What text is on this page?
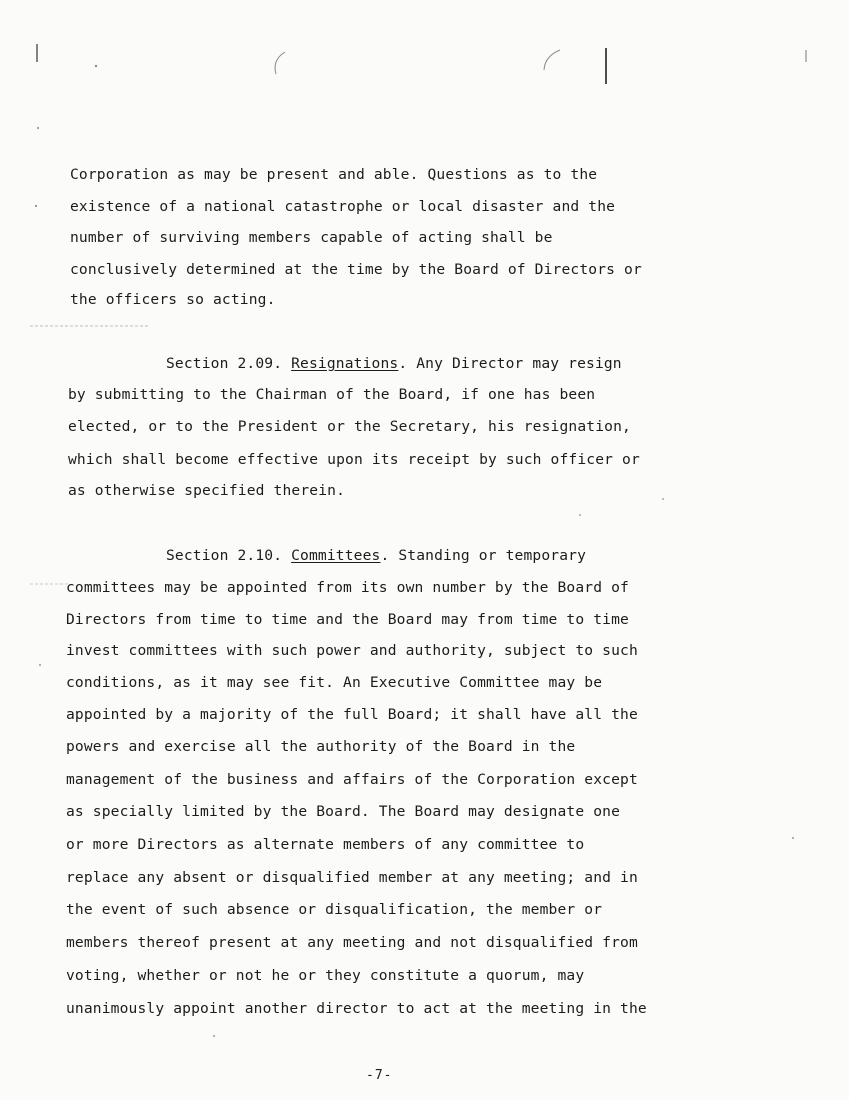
Corporation as may be present and able. Questions as to the
existence of a national catastrophe or local disaster and the
number of surviving members capable of acting shall be
conclusively determined at the time by the Board of Directors or
the officers so acting.
Section 2.09. Resignations. Any Director may resign
by submitting to the Chairman of the Board, if one has been
elected, or to the President or the Secretary, his resignation,
which shall become effective upon its receipt by such officer or
as otherwise specified therein.
Section 2.10. Committees. Standing or temporary
committees may be appointed from its own number by the Board of
Directors from time to time and the Board may from time to time
invest committees with such power and authority, subject to such
conditions, as it may see fit. An Executive Committee may be
appointed by a majority of the full Board; it shall have all the
powers and exercise all the authority of the Board in the
management of the business and affairs of the Corporation except
as specially limited by the Board. The Board may designate one
or more Directors as alternate members of any committee to
replace any absent or disqualified member at any meeting; and in
the event of such absence or disqualification, the member or
members thereof present at any meeting and not disqualified from
voting, whether or not he or they constitute a quorum, may
unanimously appoint another director to act at the meeting in the
-7-
